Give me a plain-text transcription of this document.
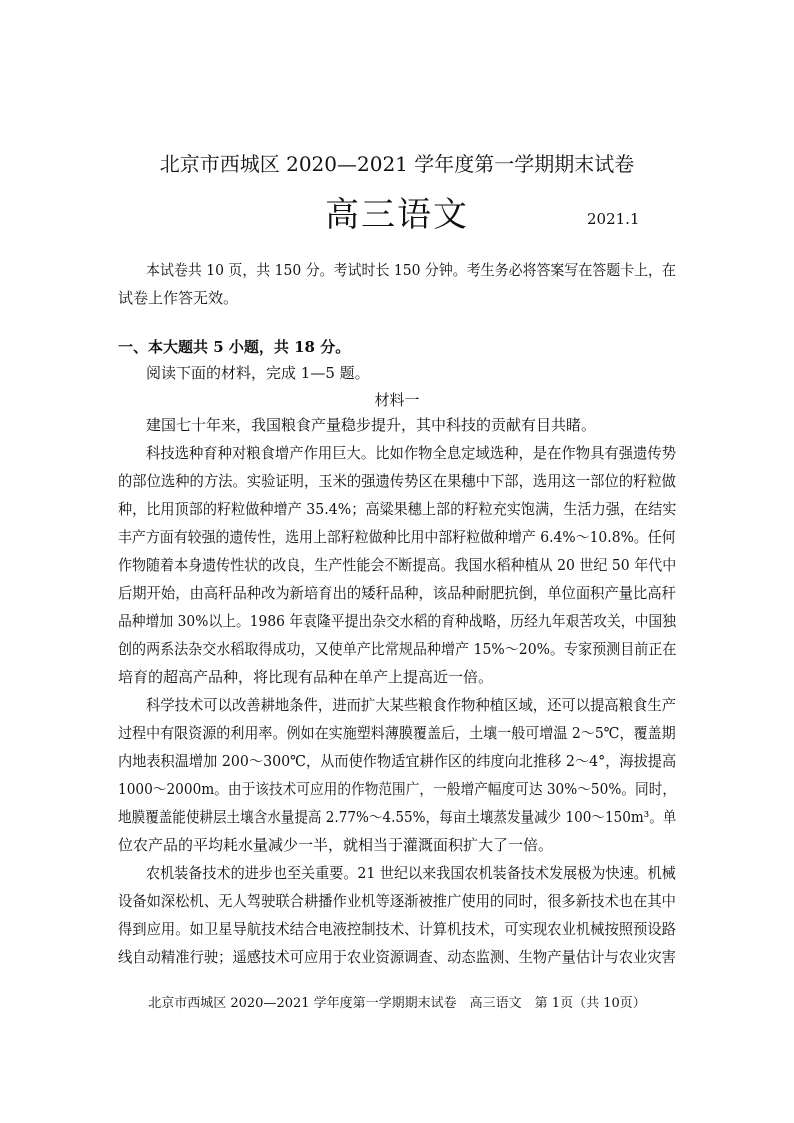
北京市西城区 2020—2021 学年度第一学期期末试卷
高三语文	2021.1
本试卷共 10 页，共 150 分。考试时长 150 分钟。考生务必将答案写在答题卡上，在
试卷上作答无效。
一、本大题共 5 小题，共 18 分。
阅读下面的材料，完成 1—5 题。
材料一
建国七十年来，我国粮食产量稳步提升，其中科技的贡献有目共睹。
科技选种育种对粮食增产作用巨大。比如作物全息定域选种，是在作物具有强遗传势
的部位选种的方法。实验证明，玉米的强遗传势区在果穗中下部，选用这一部位的籽粒做
种，比用顶部的籽粒做种增产 35.4%；高粱果穗上部的籽粒充实饱满，生活力强，在结实
丰产方面有较强的遗传性，选用上部籽粒做种比用中部籽粒做种增产 6.4%～10.8%。任何
作物随着本身遗传性状的改良，生产性能会不断提高。我国水稻种植从 20 世纪 50 年代中
后期开始，由高秆品种改为新培育出的矮秆品种，该品种耐肥抗倒，单位面积产量比高秆
品种增加 30%以上。1986 年袁隆平提出杂交水稻的育种战略，历经九年艰苦攻关，中国独
创的两系法杂交水稻取得成功，又使单产比常规品种增产 15%～20%。专家预测目前正在
培育的超高产品种，将比现有品种在单产上提高近一倍。
科学技术可以改善耕地条件，进而扩大某些粮食作物种植区域，还可以提高粮食生产
过程中有限资源的利用率。例如在实施塑料薄膜覆盖后，土壤一般可增温 2～5℃，覆盖期
内地表积温增加 200～300℃，从而使作物适宜耕作区的纬度向北推移 2～4°，海拔提高
1000～2000m。由于该技术可应用的作物范围广，一般增产幅度可达 30%～50%。同时，
地膜覆盖能使耕层土壤含水量提高 2.77%～4.55%，每亩土壤蒸发量减少 100～150m³。单
位农产品的平均耗水量减少一半，就相当于灌溉面积扩大了一倍。
农机装备技术的进步也至关重要。21 世纪以来我国农机装备技术发展极为快速。机械
设备如深松机、无人驾驶联合耕播作业机等逐渐被推广使用的同时，很多新技术也在其中
得到应用。如卫星导航技术结合电液控制技术、计算机技术，可实现农业机械按照预设路
线自动精准行驶；遥感技术可应用于农业资源调查、动态监测、生物产量估计与农业灾害
北京市西城区 2020—2021 学年度第一学期期末试卷　高三语文　第 1页（共 10页）
